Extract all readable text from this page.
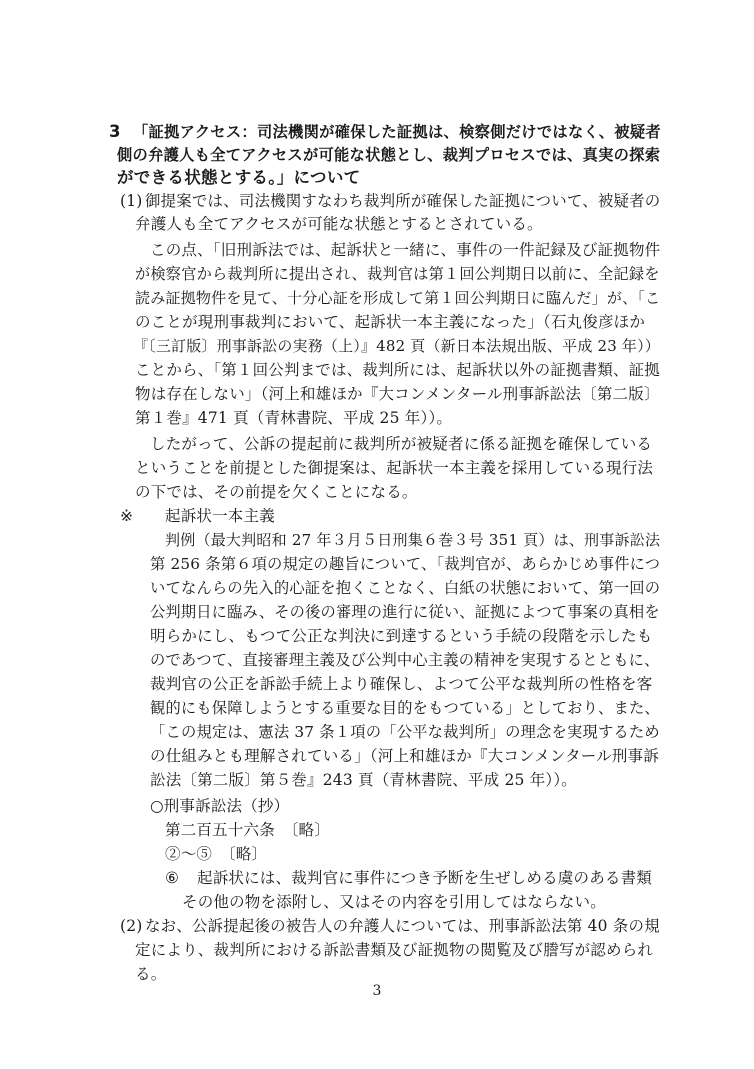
3 「証拠アクセス：司法機関が確保した証拠は、検察側だけではなく、被疑者
側の弁護人も全てアクセスが可能な状態とし、裁判プロセスでは、真実の探索
ができる状態とする。」について
(1) 御提案では、司法機関すなわち裁判所が確保した証拠について、被疑者の
弁護人も全てアクセスが可能な状態とするとされている。
この点、「旧刑訴法では、起訴状と一緒に、事件の一件記録及び証拠物件
が検察官から裁判所に提出され、裁判官は第１回公判期日以前に、全記録を
読み証拠物件を見て、十分心証を形成して第１回公判期日に臨んだ」が、「こ
のことが現刑事裁判において、起訴状一本主義になった」（石丸俊彦ほか
『〔三訂版〕刑事訴訟の実務（上）』482 頁（新日本法規出版、平成 23 年））
ことから、「第１回公判までは、裁判所には、起訴状以外の証拠書類、証拠
物は存在しない」（河上和雄ほか『大コンメンタール刑事訴訟法〔第二版〕
第１巻』471 頁（青林書院、平成 25 年））。
したがって、公訴の提起前に裁判所が被疑者に係る証拠を確保している
ということを前提とした御提案は、起訴状一本主義を採用している現行法
の下では、その前提を欠くことになる。
※ 起訴状一本主義
判例（最大判昭和 27 年３月５日刑集６巻３号 351 頁）は、刑事訴訟法
第 256 条第６項の規定の趣旨について、「裁判官が、あらかじめ事件につ
いてなんらの先入的心証を抱くことなく、白紙の状態において、第一回の
公判期日に臨み、その後の審理の進行に従い、証拠によつて事案の真相を
明らかにし、もつて公正な判決に到達するという手続の段階を示したも
のであつて、直接審理主義及び公判中心主義の精神を実現するとともに、
裁判官の公正を訴訟手続上より確保し、よつて公平な裁判所の性格を客
観的にも保障しようとする重要な目的をもつている」としており、また、
「この規定は、憲法 37 条１項の「公平な裁判所」の理念を実現するため
の仕組みとも理解されている」（河上和雄ほか『大コンメンタール刑事訴
訟法〔第二版〕第５巻』243 頁（青林書院、平成 25 年））。
○刑事訴訟法（抄）
第二百五十六条　〔略〕
②～⑤　〔略〕
⑥ 起訴状には、裁判官に事件につき予断を生ぜしめる虞のある書類
その他の物を添附し、又はその内容を引用してはならない。
(2) なお、公訴提起後の被告人の弁護人については、刑事訴訟法第 40 条の規
定により、裁判所における訴訟書類及び証拠物の閲覧及び謄写が認められ
る。
3
